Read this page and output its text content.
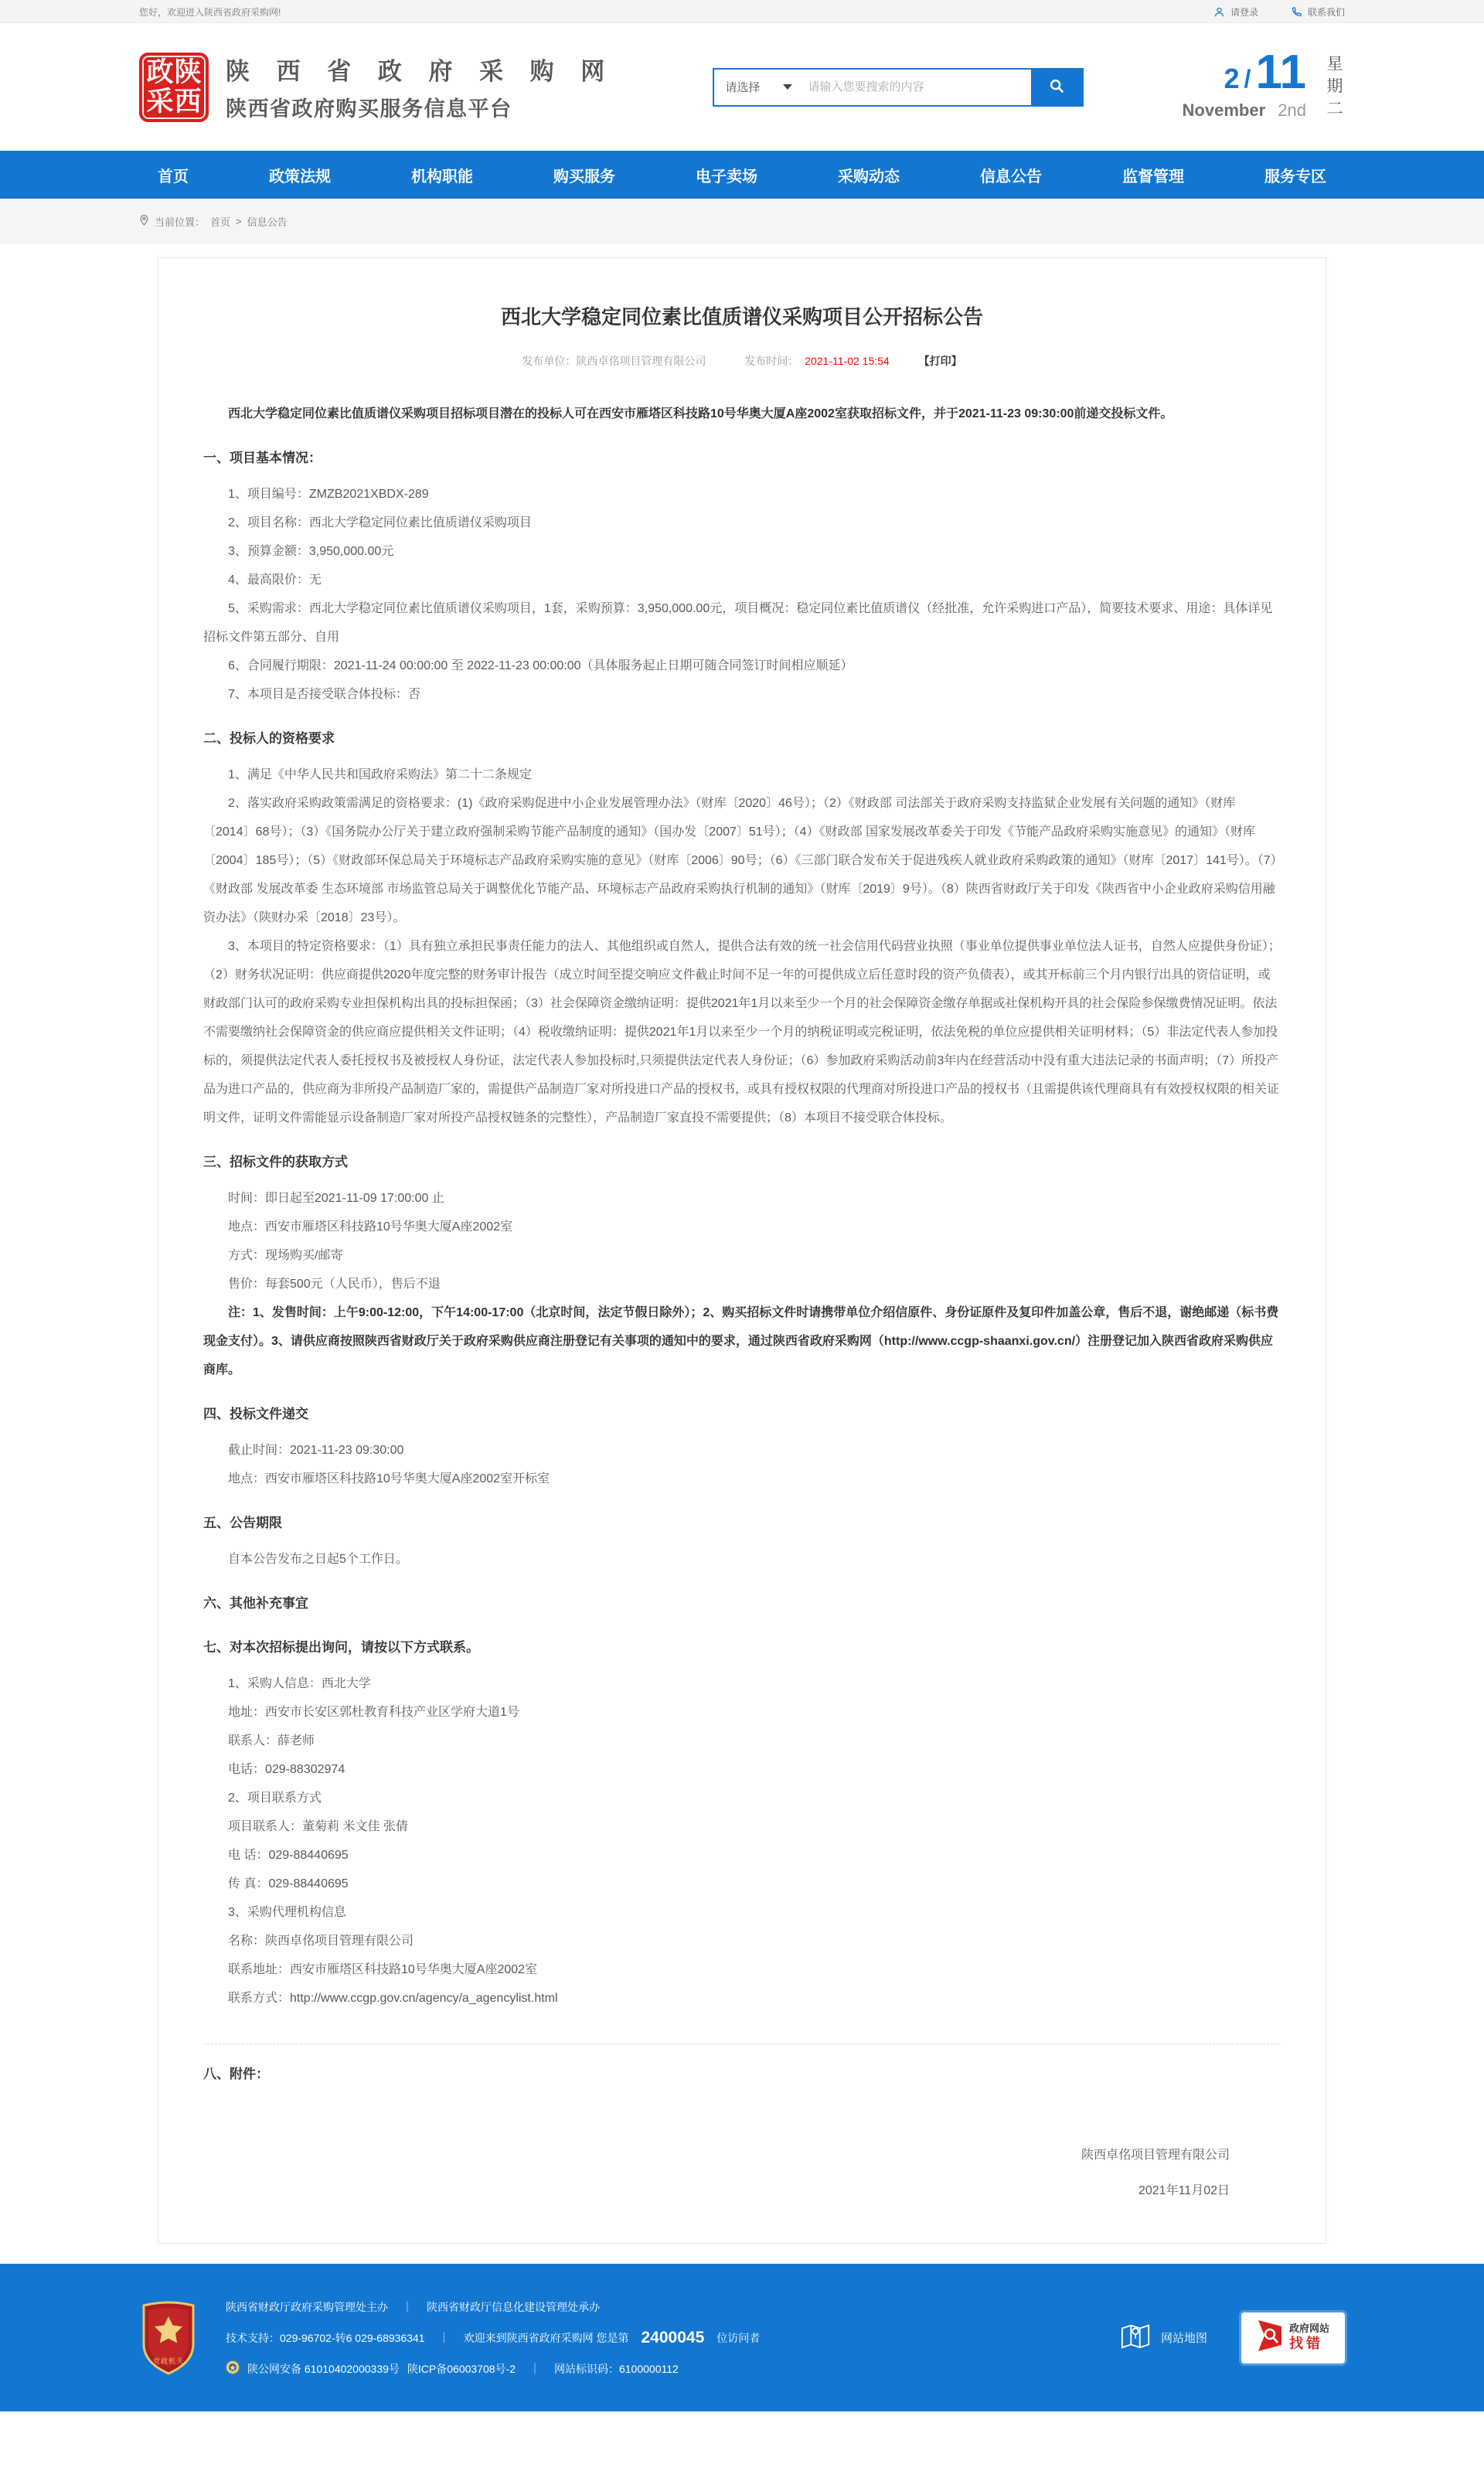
您好，欢迎进入陕西省政府采购网!	请登录	联系我们
政 陕
采 西
陕 西 省 政 府 采 购 网
陕西省政府购买服务信息平台
请选择
请输入您要搜索的内容	2 / 11
November 2nd 星期二
首页	政策法规	机构职能	购买服务	电子卖场	采购动态	信息公告	监督管理	服务专区
当前位置： 首页 > 信息公告
西北大学稳定同位素比值质谱仪采购项目公开招标公告
发布单位：陕西卓佲项目管理有限公司	发布时间： 2021-11-02 15:54	【打印】

西北大学稳定同位素比值质谱仪采购项目招标项目潜在的投标人可在西安市雁塔区科技路10号华奥大厦A座2002室获取招标文件，并于2021-11-23 09:30:00前递交投标文件。

一、项目基本情况：

1、项目编号：ZMZB2021XBDX-289

2、项目名称：西北大学稳定同位素比值质谱仪采购项目

3、预算金额：3,950,000.00元

4、最高限价：无

5、采购需求：西北大学稳定同位素比值质谱仪采购项目，1套，采购预算：3,950,000.00元，项目概况：稳定同位素比值质谱仪（经批准，允许采购进口产品），简要技术要求、用途：具体详见招标文件第五部分、自用

6、合同履行期限：2021-11-24 00:00:00 至 2022-11-23 00:00:00（具体服务起止日期可随合同签订时间相应顺延）

7、本项目是否接受联合体投标：否

二、投标人的资格要求

1、满足《中华人民共和国政府采购法》第二十二条规定

2、落实政府采购政策需满足的资格要求：(1)《政府采购促进中小企业发展管理办法》（财库〔2020〕46号）；（2）《财政部 司法部关于政府采购支持监狱企业发展有关问题的通知》（财库〔2014〕68号）；（3）《国务院办公厅关于建立政府强制采购节能产品制度的通知》（国办发〔2007〕51号）；（4）《财政部 国家发展改革委关于印发《节能产品政府采购实施意见》的通知》（财库〔2004〕185号）；（5）《财政部环保总局关于环境标志产品政府采购实施的意见》（财库〔2006〕90号；（6）《三部门联合发布关于促进残疾人就业政府采购政策的通知》（财库〔2017〕141号）。（7）《财政部 发展改革委 生态环境部 市场监管总局关于调整优化节能产品、环境标志产品政府采购执行机制的通知》（财库〔2019〕9号）。（8）陕西省财政厅关于印发《陕西省中小企业政府采购信用融资办法》（陕财办采〔2018〕23号）。

3、本项目的特定资格要求：（1）具有独立承担民事责任能力的法人、其他组织或自然人，提供合法有效的统一社会信用代码营业执照（事业单位提供事业单位法人证书，自然人应提供身份证）；（2）财务状况证明：供应商提供2020年度完整的财务审计报告（成立时间至提交响应文件截止时间不足一年的可提供成立后任意时段的资产负债表），或其开标前三个月内银行出具的资信证明，或财政部门认可的政府采购专业担保机构出具的投标担保函；（3）社会保障资金缴纳证明：提供2021年1月以来至少一个月的社会保障资金缴存单据或社保机构开具的社会保险参保缴费情况证明。依法不需要缴纳社会保障资金的供应商应提供相关文件证明；（4）税收缴纳证明：提供2021年1月以来至少一个月的纳税证明或完税证明，依法免税的单位应提供相关证明材料；（5）非法定代表人参加投标的，须提供法定代表人委托授权书及被授权人身份证，法定代表人参加投标时,只须提供法定代表人身份证；（6）参加政府采购活动前3年内在经营活动中没有重大违法记录的书面声明；（7）所投产品为进口产品的，供应商为非所投产品制造厂家的，需提供产品制造厂家对所投进口产品的授权书，或具有授权权限的代理商对所投进口产品的授权书（且需提供该代理商具有有效授权权限的相关证明文件，证明文件需能显示设备制造厂家对所投产品授权链条的完整性），产品制造厂家直投不需要提供；（8）本项目不接受联合体投标。

三、招标文件的获取方式

时间：即日起至2021-11-09 17:00:00 止

地点：西安市雁塔区科技路10号华奥大厦A座2002室

方式：现场购买/邮寄

售价：每套500元（人民币），售后不退

注：1、发售时间：上午9:00-12:00，下午14:00-17:00（北京时间，法定节假日除外）；2、购买招标文件时请携带单位介绍信原件、身份证原件及复印件加盖公章，售后不退，谢绝邮递（标书费现金支付）。3、请供应商按照陕西省财政厅关于政府采购供应商注册登记有关事项的通知中的要求，通过陕西省政府采购网（http://www.ccgp-shaanxi.gov.cn/）注册登记加入陕西省政府采购供应商库。

四、投标文件递交

截止时间：2021-11-23 09:30:00

地点：西安市雁塔区科技路10号华奥大厦A座2002室开标室

五、公告期限

自本公告发布之日起5个工作日。

六、其他补充事宜
七、对本次招标提出询问，请按以下方式联系。

1、采购人信息：西北大学

地址：西安市长安区郭杜教育科技产业区学府大道1号

联系人：薛老师

电话：029-88302974

2、项目联系方式

项目联系人：董菊莉 米文佳 张倩

电 话：029-88440695

传 真：029-88440695

3、采购代理机构信息

名称：陕西卓佲项目管理有限公司

联系地址：西安市雁塔区科技路10号华奥大厦A座2002室

联系方式：http://www.ccgp.gov.cn/agency/a_agencylist.html

八、附件：
陕西卓佲项目管理有限公司
2021年11月02日
党政机关
陕西省财政厅政府采购管理处主办 ｜ 陕西省财政厅信息化建设管理处承办
技术支持：029-96702-转6 029-68936341 ｜ 欢迎来到陕西省政府采购网 您是第 2400045 位访问者
陕公网安备 61010402000339号 陕ICP备06003708号-2 ｜ 网站标识码：6100000112
网站地图
政府网站
找错
